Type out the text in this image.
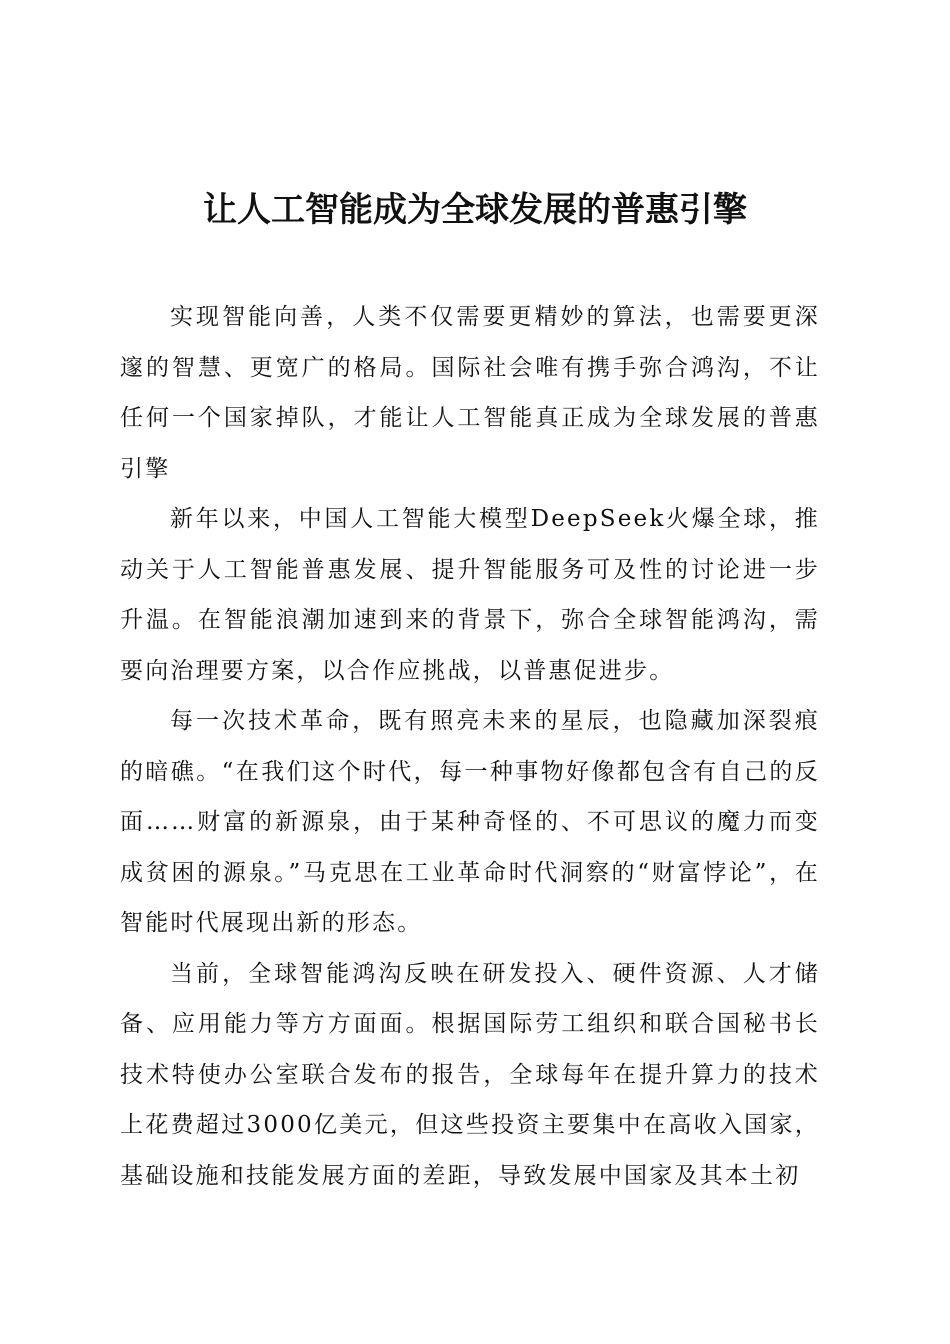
让人工智能成为全球发展的普惠引擎

实现智能向善，人类不仅需要更精妙的算法，也需要更深邃的智慧、更宽广的格局。国际社会唯有携手弥合鸿沟，不让任何一个国家掉队，才能让人工智能真正成为全球发展的普惠引擎

新年以来，中国人工智能大模型DeepSeek火爆全球，推动关于人工智能普惠发展、提升智能服务可及性的讨论进一步升温。在智能浪潮加速到来的背景下，弥合全球智能鸿沟，需要向治理要方案，以合作应挑战，以普惠促进步。

每一次技术革命，既有照亮未来的星辰，也隐藏加深裂痕的暗礁。“在我们这个时代，每一种事物好像都包含有自己的反面……财富的新源泉，由于某种奇怪的、不可思议的魔力而变成贫困的源泉。”马克思在工业革命时代洞察的“财富悖论”，在智能时代展现出新的形态。

当前，全球智能鸿沟反映在研发投入、硬件资源、人才储备、应用能力等方方面面。根据国际劳工组织和联合国秘书长技术特使办公室联合发布的报告，全球每年在提升算力的技术上花费超过3000亿美元，但这些投资主要集中在高收入国家，基础设施和技能发展方面的差距，导致发展中国家及其本土初
